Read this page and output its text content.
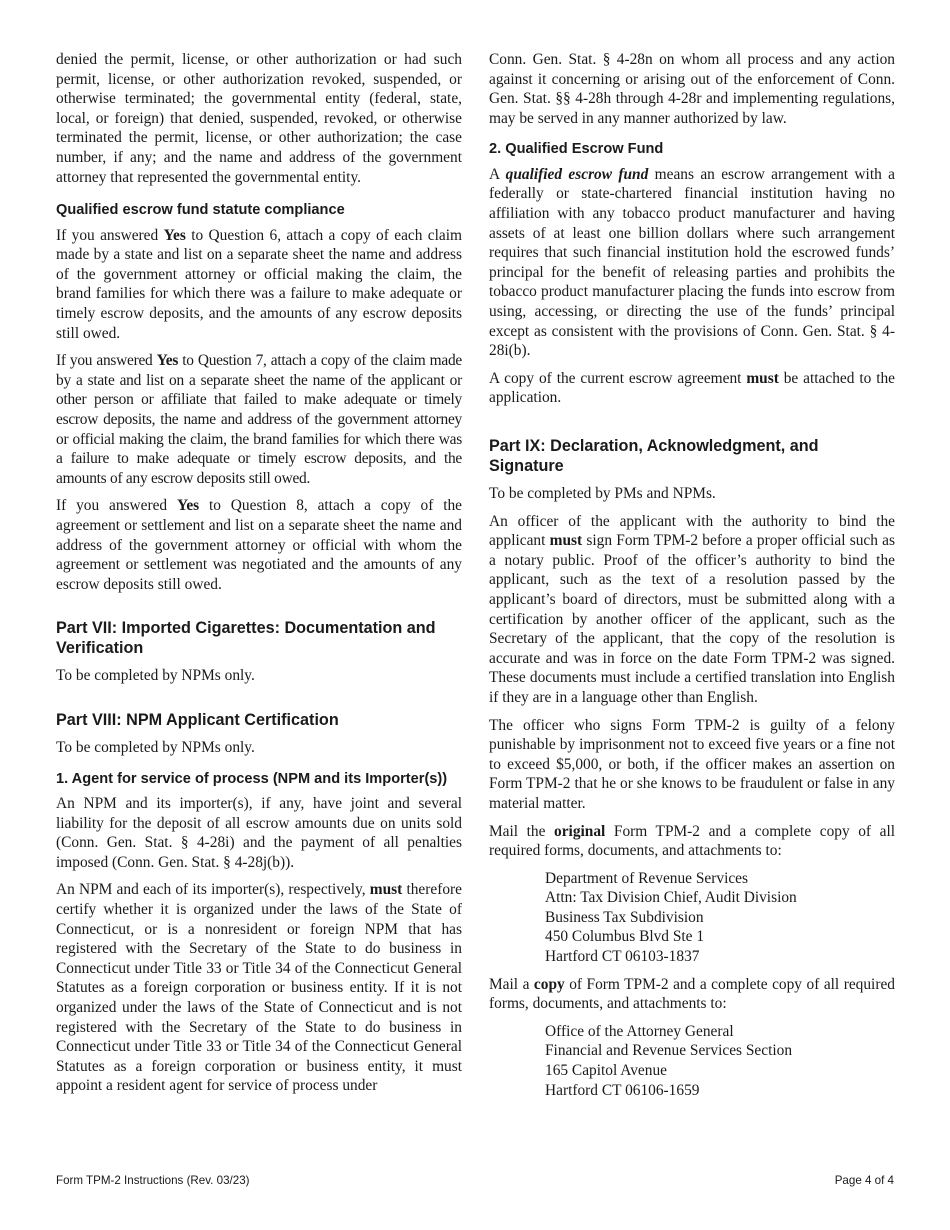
denied the permit, license, or other authorization or had such permit, license, or other authorization revoked, suspended, or otherwise terminated; the governmental entity (federal, state, local, or foreign) that denied, suspended, revoked, or otherwise terminated the permit, license, or other authorization; the case number, if any; and the name and address of the government attorney that represented the governmental entity.

Qualified escrow fund statute compliance

If you answered Yes to Question 6, attach a copy of each claim made by a state and list on a separate sheet the name and address of the government attorney or official making the claim, the brand families for which there was a failure to make adequate or timely escrow deposits, and the amounts of any escrow deposits still owed.

If you answered Yes to Question 7, attach a copy of the claim made by a state and list on a separate sheet the name of the applicant or other person or affiliate that failed to make adequate or timely escrow deposits, the name and address of the government attorney or official making the claim, the brand families for which there was a failure to make adequate or timely escrow deposits, and the amounts of any escrow deposits still owed.

If you answered Yes to Question 8, attach a copy of the agreement or settlement and list on a separate sheet the name and address of the government attorney or official with whom the agreement or settlement was negotiated and the amounts of any escrow deposits still owed.

Part VII: Imported Cigarettes: Documentation and Verification

To be completed by NPMs only.

Part VIII: NPM Applicant Certification

To be completed by NPMs only.

1. Agent for service of process (NPM and its Importer(s))

An NPM and its importer(s), if any, have joint and several liability for the deposit of all escrow amounts due on units sold (Conn. Gen. Stat. § 4-28i) and the payment of all penalties imposed (Conn. Gen. Stat. § 4-28j(b)).

An NPM and each of its importer(s), respectively, must therefore certify whether it is organized under the laws of the State of Connecticut, or is a nonresident or foreign NPM that has registered with the Secretary of the State to do business in Connecticut under Title 33 or Title 34 of the Connecticut General Statutes as a foreign corporation or business entity. If it is not organized under the laws of the State of Connecticut and is not registered with the Secretary of the State to do business in Connecticut under Title 33 or Title 34 of the Connecticut General Statutes as a foreign corporation or business entity, it must appoint a resident agent for service of process under

Conn. Gen. Stat. § 4-28n on whom all process and any action against it concerning or arising out of the enforcement of Conn. Gen. Stat. §§ 4-28h through 4-28r and implementing regulations, may be served in any manner authorized by law.

2. Qualified Escrow Fund

A qualified escrow fund means an escrow arrangement with a federally or state-chartered financial institution having no affiliation with any tobacco product manufacturer and having assets of at least one billion dollars where such arrangement requires that such financial institution hold the escrowed funds’ principal for the benefit of releasing parties and prohibits the tobacco product manufacturer placing the funds into escrow from using, accessing, or directing the use of the funds’ principal except as consistent with the provisions of Conn. Gen. Stat. § 4-28i(b).

A copy of the current escrow agreement must be attached to the application.

Part IX: Declaration, Acknowledgment, and Signature

To be completed by PMs and NPMs.

An officer of the applicant with the authority to bind the applicant must sign Form TPM-2 before a proper official such as a notary public. Proof of the officer’s authority to bind the applicant, such as the text of a resolution passed by the applicant’s board of directors, must be submitted along with a certification by another officer of the applicant, such as the Secretary of the applicant, that the copy of the resolution is accurate and was in force on the date Form TPM-2 was signed. These documents must include a certified translation into English if they are in a language other than English.

The officer who signs Form TPM-2 is guilty of a felony punishable by imprisonment not to exceed five years or a fine not to exceed $5,000, or both, if the officer makes an assertion on Form TPM-2 that he or she knows to be fraudulent or false in any material matter.

Mail the original Form TPM-2 and a complete copy of all required forms, documents, and attachments to:

Department of Revenue Services
Attn: Tax Division Chief, Audit Division
Business Tax Subdivision
450 Columbus Blvd Ste 1
Hartford CT 06103-1837

Mail a copy of Form TPM-2 and a complete copy of all required forms, documents, and attachments to:

Office of the Attorney General
Financial and Revenue Services Section
165 Capitol Avenue
Hartford CT 06106-1659
Form TPM-2 Instructions (Rev. 03/23)	Page 4 of 4
